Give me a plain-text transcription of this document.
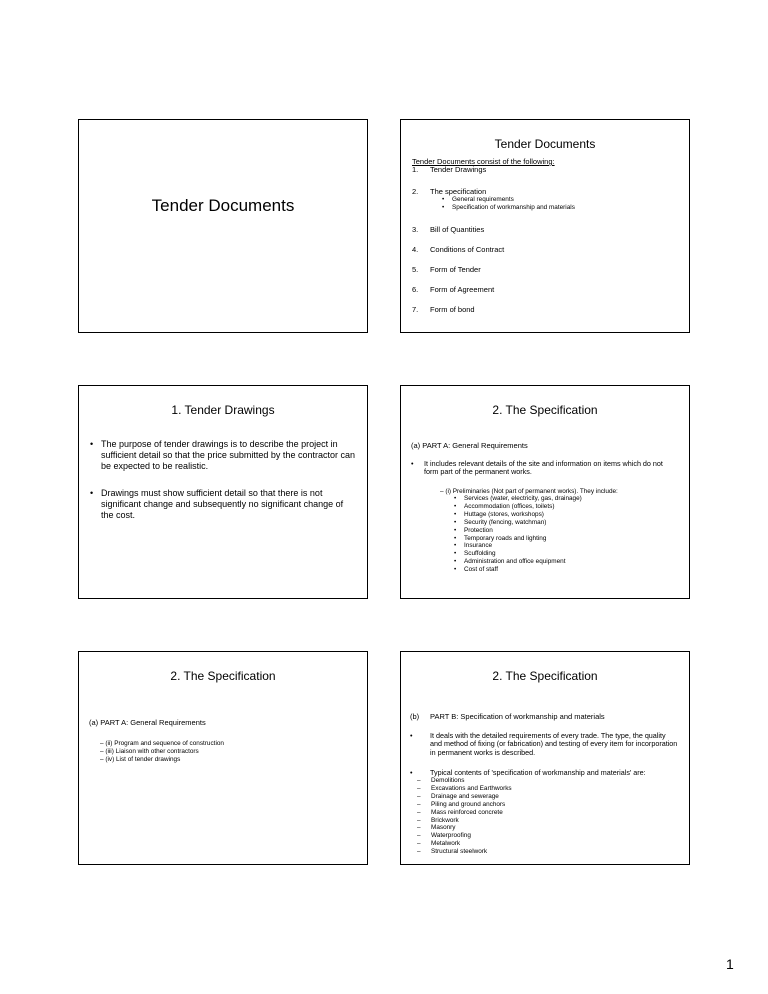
Tender Documents
Tender Documents
Tender Documents consist of the following:
1. Tender Drawings
2. The specification
• General requirements
• Specification of workmanship and materials
3. Bill of Quantities
4. Conditions of Contract
5. Form of Tender
6. Form of Agreement
7. Form of bond
1. Tender Drawings
• The purpose of tender drawings is to describe the project in sufficient detail so that the price submitted by the contractor can be expected to be realistic.

• Drawings must show sufficient detail so that there is not significant change and subsequently no significant change of the cost.

2. The Specification
(a) PART A: General Requirements
•	It includes relevant details of the site and information on items which do not form part of the permanent works.

– (i) Preliminaries (Not part of permanent works). They include:
• Services (water, electricity, gas, drainage)
• Accommodation (offices, toilets)
• Huttage (stores, workshops)
• Security (fencing, watchman)
• Protection
• Temporary roads and lighting
• Insurance
• Scuffolding
• Administration and office equipment
• Cost of staff
2. The Specification
(a) PART A: General Requirements
– (ii) Program and sequence of construction
– (iii) Liaison with other contractors
– (iv) List of tender drawings
2. The Specification
(b) PART B: Specification of workmanship and materials
•	It deals with the detailed requirements of every trade. The type, the quality and method of fixing (or fabrication) and testing of every item for incorporation in permanent works is described.

•	Typical contents of 'specification of workmanship and materials' are:

– Demolitions
– Excavations and Earthworks
– Drainage and sewerage
– Piling and ground anchors
– Mass reinforced concrete
– Brickwork
– Masonry
– Waterproofing
– Metalwork
– Structural steelwork
1
